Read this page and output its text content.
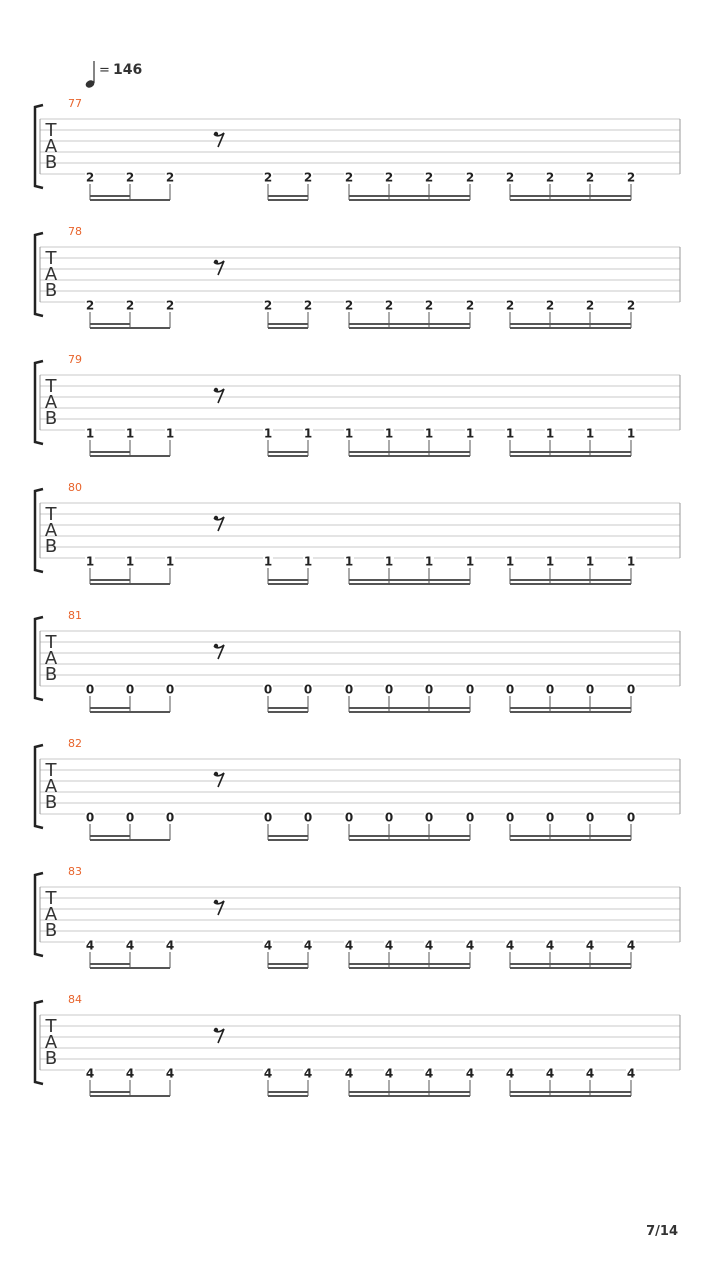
= 146
77
T
A
B
2	2	2	2	2	2	2	2	2	2	2	2	2
78
T
A
B
2	2	2	2	2	2	2	2	2	2	2	2	2
79
T
A
B
1	1	1	1	1	1	1	1	1	1	1	1	1
80
T
A
B
1	1	1	1	1	1	1	1	1	1	1	1	1
81
T
A
B
0	0	0	0	0	0	0	0	0	0	0	0	0
82
T
A
B
0	0	0	0	0	0	0	0	0	0	0	0	0
83
T
A
B
4	4	4	4	4	4	4	4	4	4	4	4	4
84
T
A
B
4	4	4	4	4	4	4	4	4	4	4	4	4
7/14
